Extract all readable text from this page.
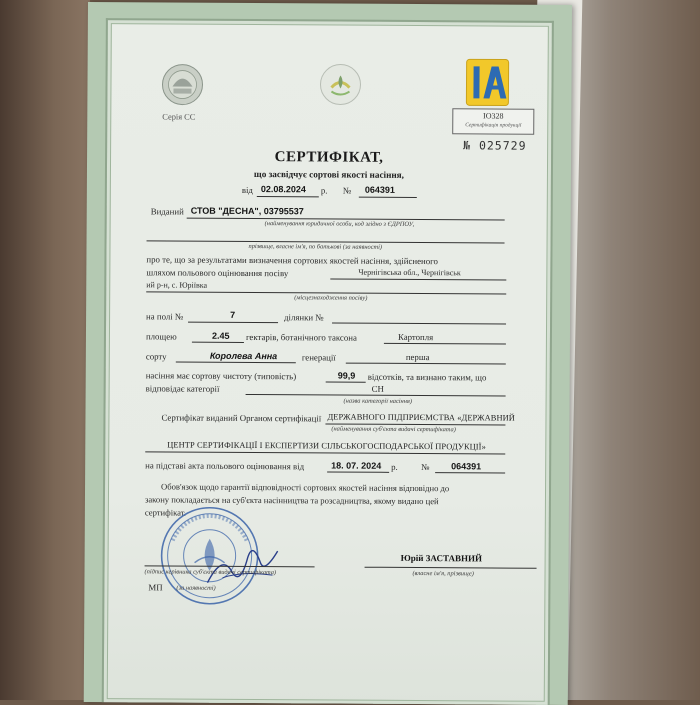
Серія СС	ІО328
Сертифікація продукції
№ 025729
СЕРТИФІКАТ,
що засвідчує сортові якості насіння,
від 02.08.2024 р. № 064391
Виданий СТОВ "ДЕСНА", 03795537
(найменування юридичної особи, код згідно з ЄДРПОУ,
прізвище, власне ім'я, по батькові (за наявності)
про те, що за результатами визначення сортових якостей насіння, здійсненого
шляхом польового оцінювання посіву	Чернігівська обл., Чернігівськ
ий р-н, с. Юріївка
(місцезнаходження посіву)
на полі №	7	ділянки №
площею	2.45 гектарів, ботанічного таксона	Картопля
сорту	Королева Анна	генерації	перша
насіння має сортову чистоту (типовість)	99,9 відсотків, та визнано таким, що
відповідає категорії	СН
(назва категорії насіння)
Сертифікат виданий Органом сертифікації ДЕРЖАВНОГО ПІДПРИЄМСТВА «ДЕРЖАВНИЙ
(найменування суб'єкта видачі сертифіката)
ЦЕНТР СЕРТИФІКАЦІЇ І ЕКСПЕРТИЗИ СІЛЬСЬКОГОСПОДАРСЬКОЇ ПРОДУКЦІЇ»
на підставі акта польового оцінювання від	18. 07. 2024 р.	№ 064391
Обов'язок щодо гарантії відповідності сортових якостей насіння відповідно до
закону покладається на суб'єкта насінництва та розсадництва, якому видано цей
сертифікат.
(підпис керівника суб'єкта видачі сертифіката)
МП (за наявності)
Юрій ЗАСТАВНИЙ
(власне ім'я, прізвище)
